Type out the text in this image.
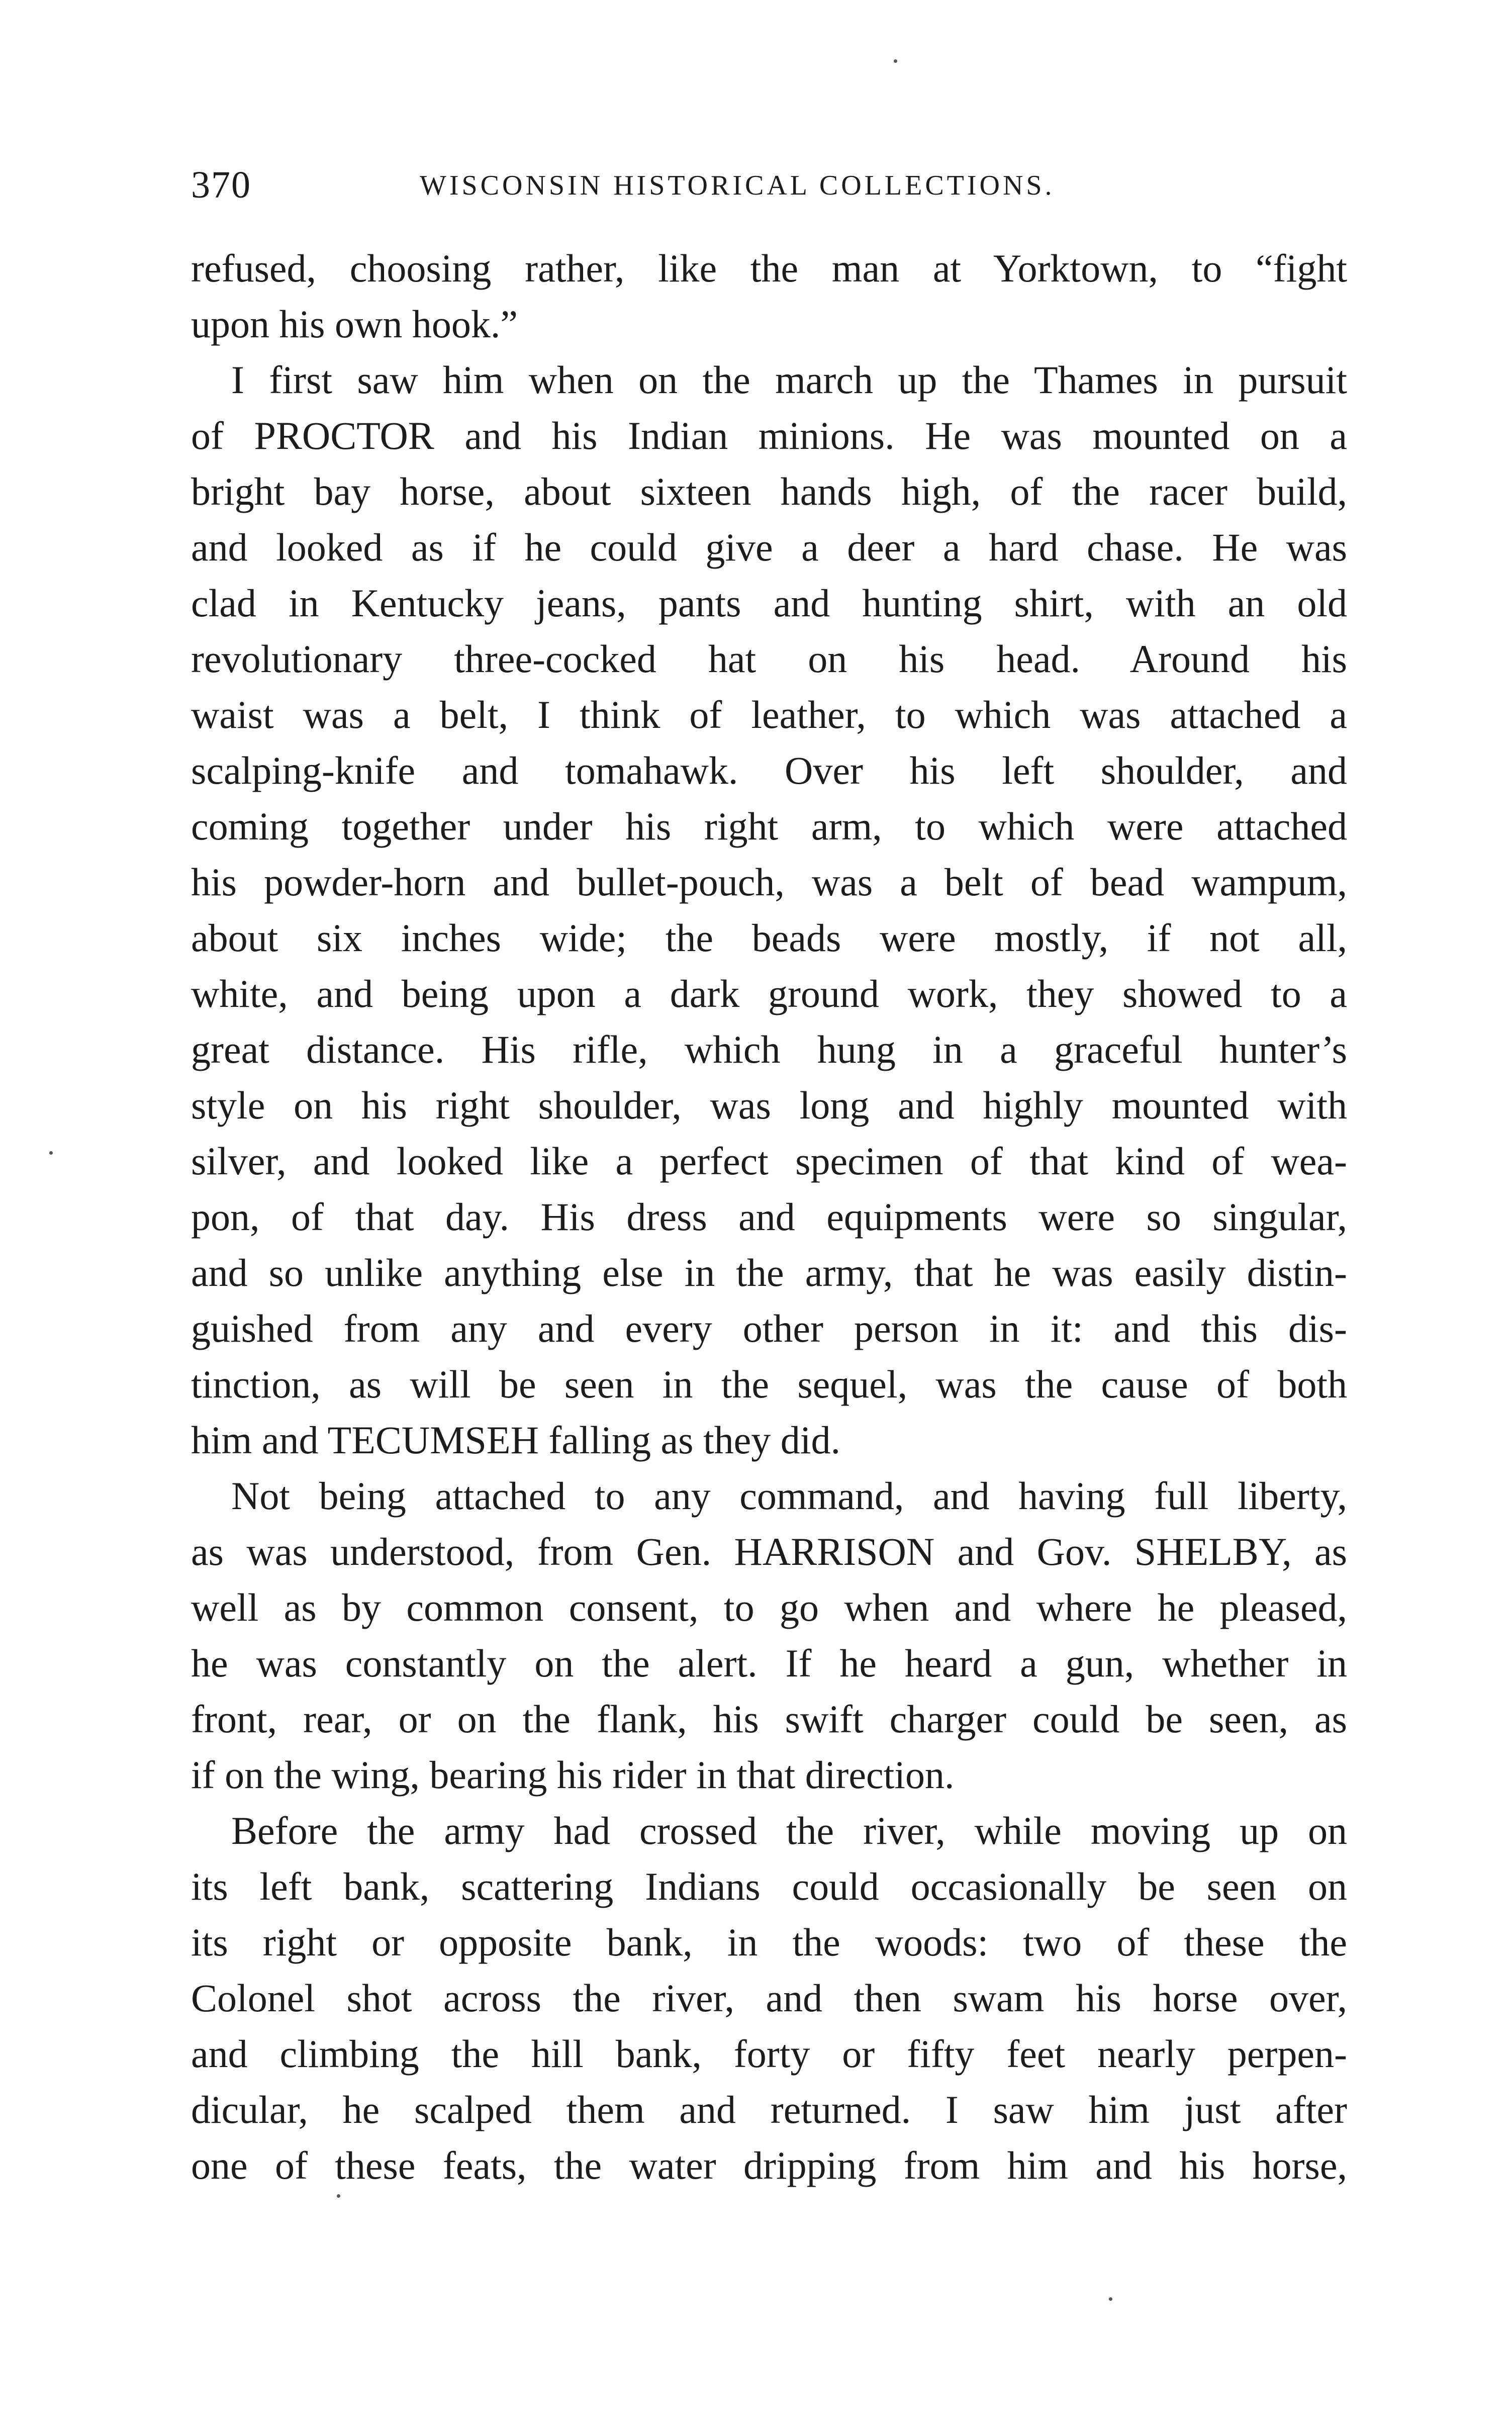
370	WISCONSIN HISTORICAL COLLECTIONS.
refused, choosing rather, like the man at Yorktown, to “fight
upon his own hook.”
I first saw him when on the march up the Thames in pursuit
of PROCTOR and his Indian minions. He was mounted on a
bright bay horse, about sixteen hands high, of the racer build,
and looked as if he could give a deer a hard chase. He was
clad in Kentucky jeans, pants and hunting shirt, with an old
revolutionary three-cocked hat on his head. Around his
waist was a belt, I think of leather, to which was attached a
scalping-knife and tomahawk. Over his left shoulder, and
coming together under his right arm, to which were attached
his powder-horn and bullet-pouch, was a belt of bead wampum,
about six inches wide; the beads were mostly, if not all,
white, and being upon a dark ground work, they showed to a
great distance. His rifle, which hung in a graceful hunter’s
style on his right shoulder, was long and highly mounted with
silver, and looked like a perfect specimen of that kind of wea-
pon, of that day. His dress and equipments were so singular,
and so unlike anything else in the army, that he was easily distin-
guished from any and every other person in it: and this dis-
tinction, as will be seen in the sequel, was the cause of both
him and TECUMSEH falling as they did.
Not being attached to any command, and having full liberty,
as was understood, from Gen. HARRISON and Gov. SHELBY, as
well as by common consent, to go when and where he pleased,
he was constantly on the alert. If he heard a gun, whether in
front, rear, or on the flank, his swift charger could be seen, as
if on the wing, bearing his rider in that direction.
Before the army had crossed the river, while moving up on
its left bank, scattering Indians could occasionally be seen on
its right or opposite bank, in the woods: two of these the
Colonel shot across the river, and then swam his horse over,
and climbing the hill bank, forty or fifty feet nearly perpen-
dicular, he scalped them and returned. I saw him just after
one of these feats, the water dripping from him and his horse,
